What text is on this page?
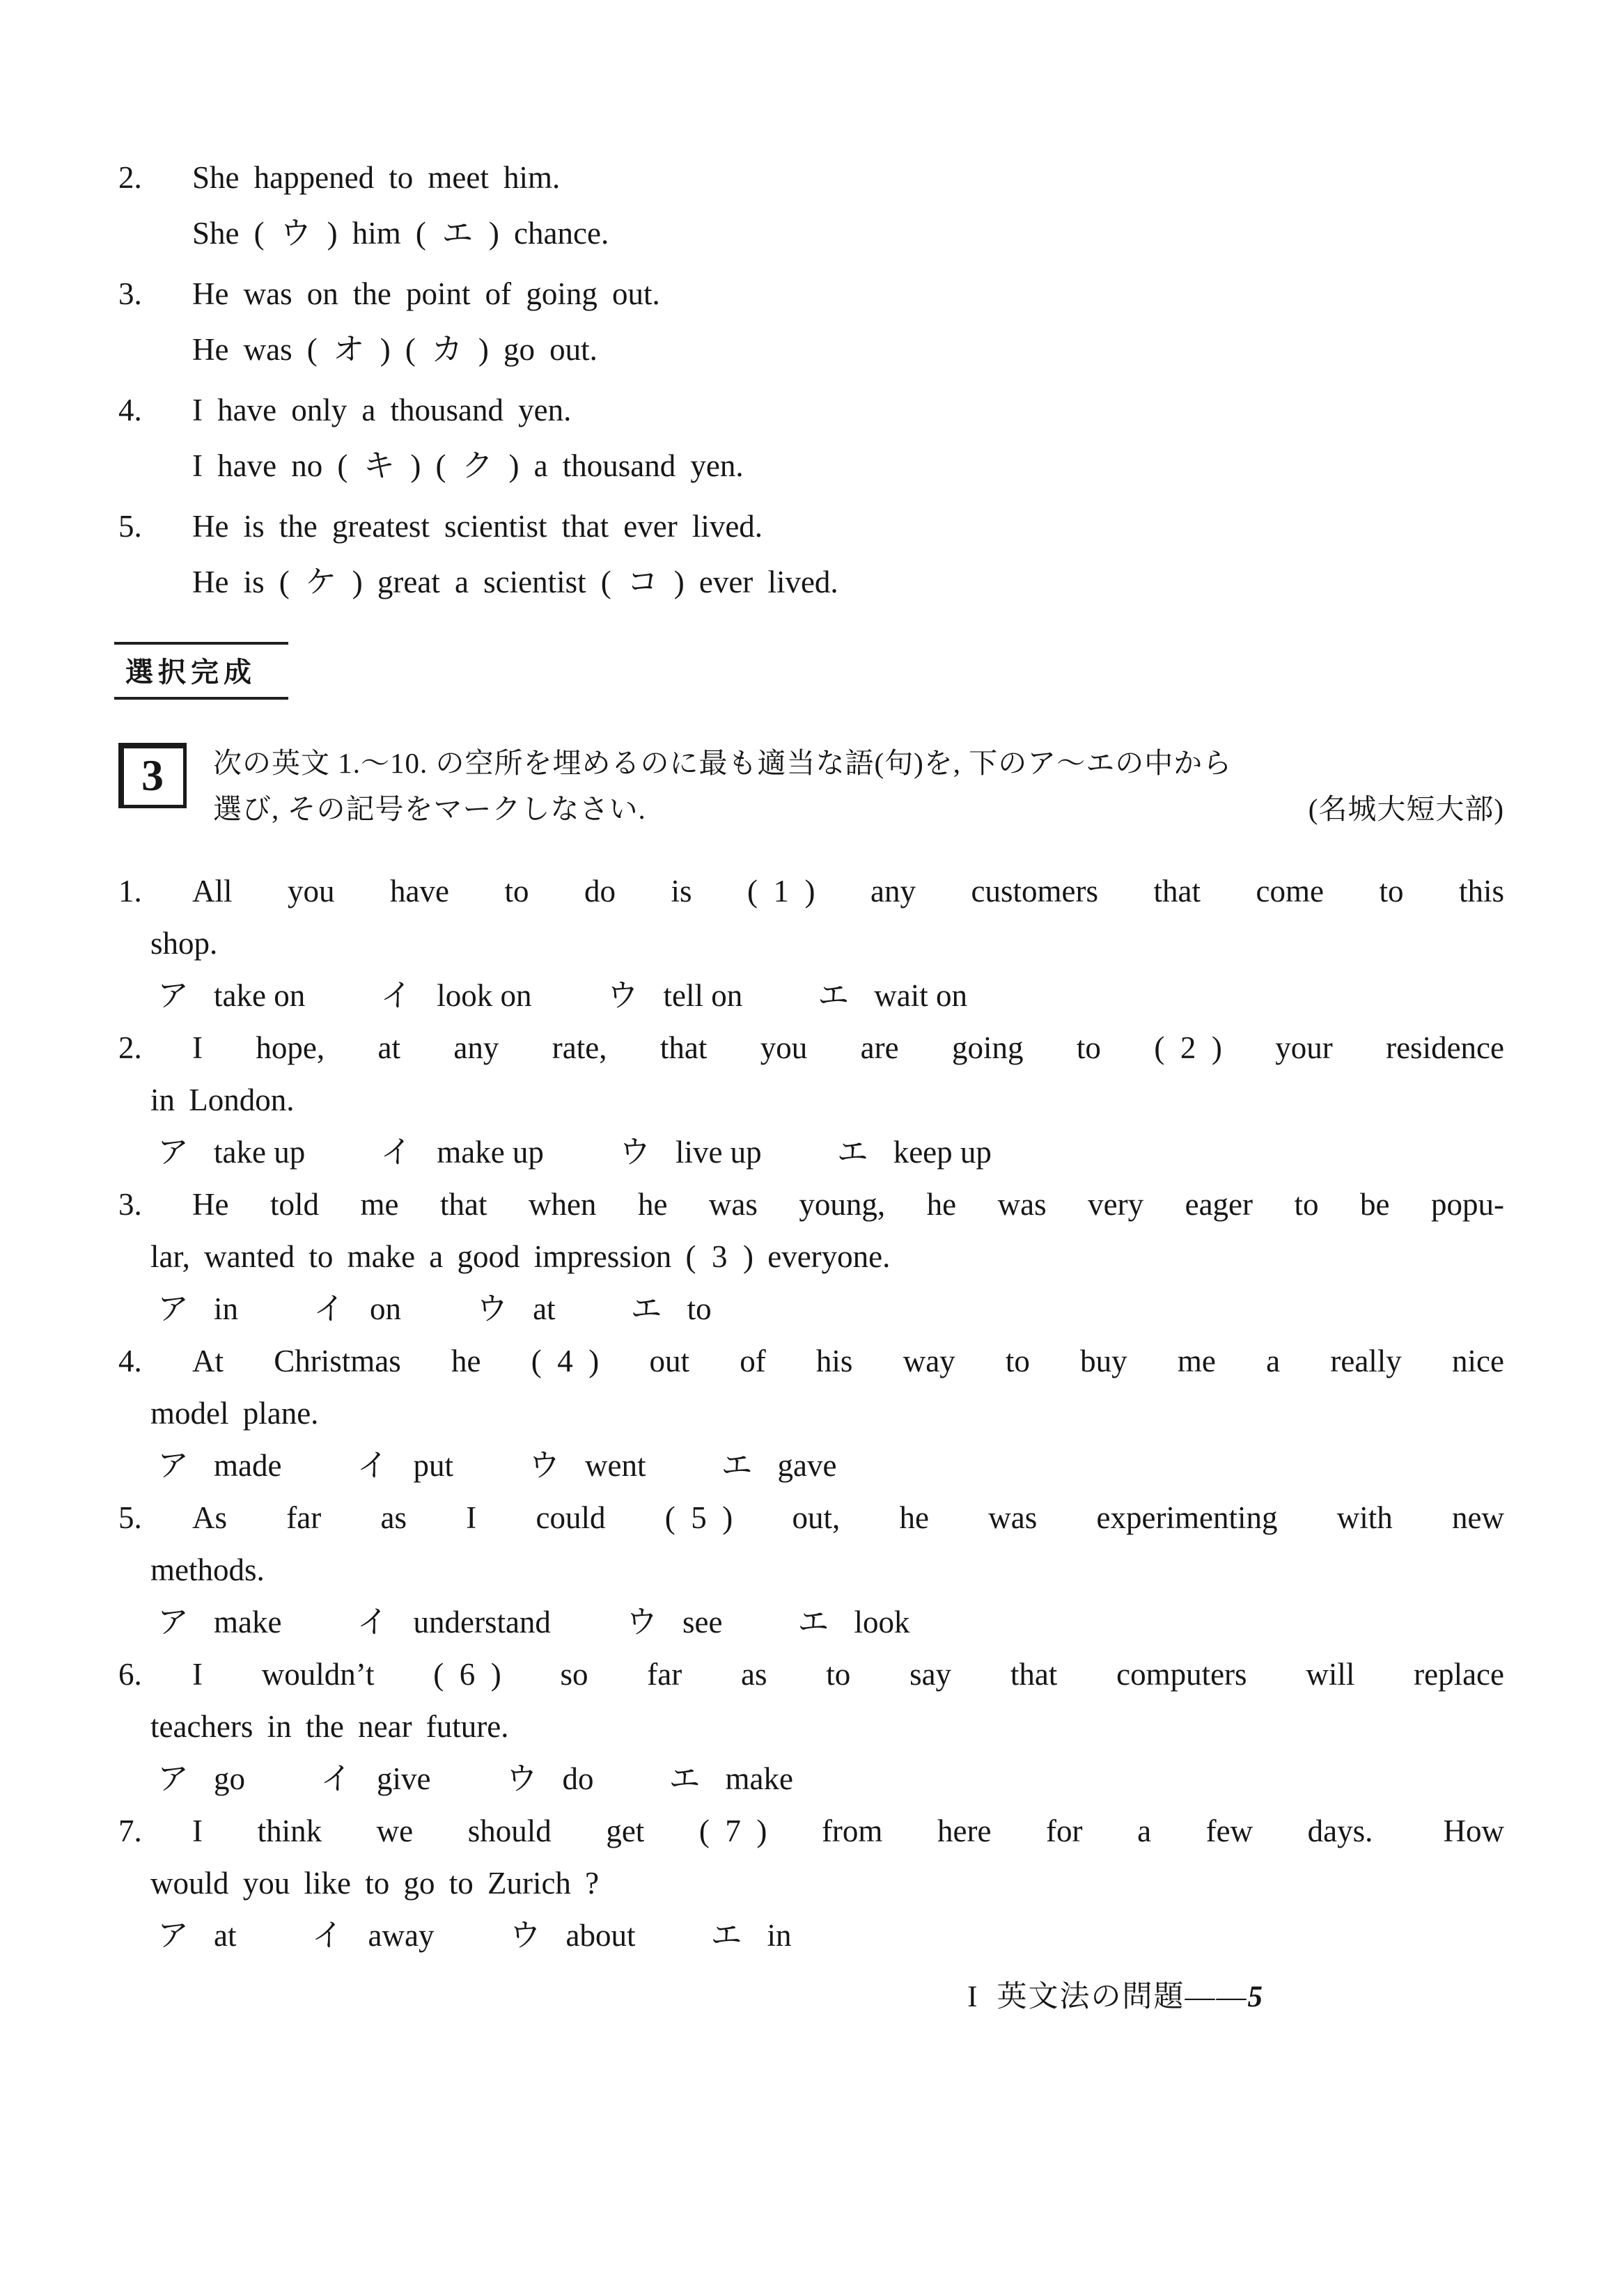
2. She happened to meet him.
She ( ウ ) him ( エ ) chance.
3. He was on the point of going out.
He was ( オ ) ( カ ) go out.
4. I have only a thousand yen.
I have no ( キ ) ( ク ) a thousand yen.
5. He is the greatest scientist that ever lived.
He is ( ケ ) great a scientist ( コ ) ever lived.
選択完成
3 次の英文 1.～10. の空所を埋めるのに最も適当な語(句)を, 下のア～エの中から
選び, その記号をマークしなさい.	(名城大短大部)
1.	All you have to do is ( 1 ) any customers that come to this
shop.
ア take on イ look on ウ tell on エ wait on
2.	I hope, at any rate, that you are going to ( 2 ) your residence
in London.
ア take up イ make up ウ live up エ keep up
3.	He told me that when he was young, he was very eager to be popu-
lar, wanted to make a good impression ( 3 ) everyone.
ア in イ on ウ at エ to
4.	At Christmas he ( 4 ) out of his way to buy me a really nice
model plane.
ア made イ put ウ went エ gave
5.	As far as I could ( 5 ) out, he was experimenting with new
methods.
ア make イ understand ウ see エ look
6.	I wouldn’t ( 6 ) so far as to say that computers will replace
teachers in the near future.
ア go イ give ウ do エ make
7.	I think we should get ( 7 ) from here for a few days.  How
would you like to go to Zurich ?
ア at イ away ウ about エ in
I 英文法の問題——5
